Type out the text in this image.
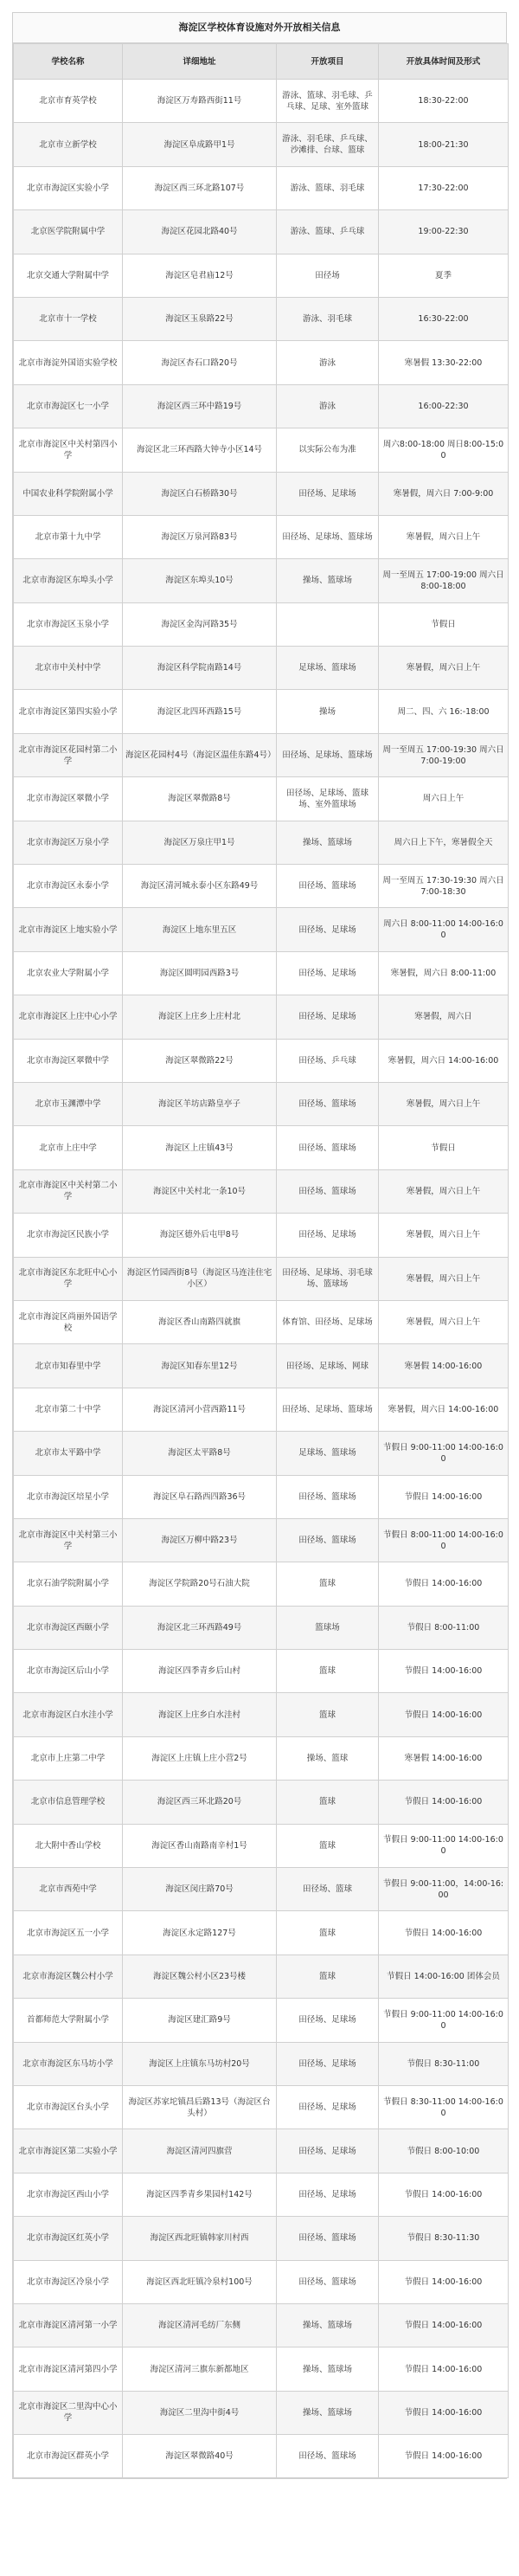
海淀区学校体育设施对外开放相关信息
学校名称	详细地址	开放项目	开放具体时间及形式
北京市育英学校	海淀区万寿路西街11号	游泳、篮球、羽毛球、乒乓球、足球、室外篮球	18:30-22:00
北京市立新学校	海淀区阜成路甲1号	游泳、羽毛球、乒乓球、沙滩排、台球、篮球	18:00-21:30
北京市海淀区实验小学	海淀区西三环北路107号	游泳、篮球、羽毛球	17:30-22:00
北京医学院附属中学	海淀区花园北路40号	游泳、篮球、乒乓球	19:00-22:30
北京交通大学附属中学	海淀区皂君庙12号	田径场	夏季
北京市十一学校	海淀区玉泉路22号	游泳、羽毛球	16:30-22:00
北京市海淀外国语实验学校	海淀区杏石口路20号	游泳	寒暑假 13:30-22:00
北京市海淀区七一小学	海淀区西三环中路19号	游泳	16:00-22:30
北京市海淀区中关村第四小学	海淀区北三环西路大钟寺小区14号	以实际公布为准	周六8:00-18:00 周日8:00-15:00
中国农业科学院附属小学	海淀区白石桥路30号	田径场、足球场	寒暑假，周六日 7:00-9:00
北京市第十九中学	海淀区万泉河路83号	田径场、足球场、篮球场	寒暑假，周六日上午
北京市海淀区东埠头小学	海淀区东埠头10号	操场、篮球场	周一至周五 17:00-19:00 周六日 8:00-18:00
北京市海淀区玉泉小学	海淀区金沟河路35号		节假日
北京市中关村中学	海淀区科学院南路14号	足球场、篮球场	寒暑假，周六日上午
北京市海淀区第四实验小学	海淀区北四环西路15号	操场	周二、四、六 16:-18:00
北京市海淀区花园村第二小学	海淀区花园村4号（海淀区温佳东路4号）	田径场、足球场、篮球场	周一至周五 17:00-19:30 周六日 7:00-19:00
北京市海淀区翠微小学	海淀区翠微路8号	田径场、足球场、篮球场、室外篮球场	周六日上午
北京市海淀区万泉小学	海淀区万泉庄甲1号	操场、篮球场	周六日上下午，寒暑假全天
北京市海淀区永泰小学	海淀区清河城永泰小区东路49号	田径场、篮球场	周一至周五 17:30-19:30 周六日 7:00-18:30
北京市海淀区上地实验小学	海淀区上地东里五区	田径场、足球场	周六日 8:00-11:00 14:00-16:00
北京农业大学附属小学	海淀区圆明园西路3号	田径场、足球场	寒暑假，周六日 8:00-11:00
北京市海淀区上庄中心小学	海淀区上庄乡上庄村北	田径场、足球场	寒暑假，周六日
北京市海淀区翠微中学	海淀区翠微路22号	田径场、乒乓球	寒暑假，周六日 14:00-16:00
北京市玉渊潭中学	海淀区羊坊店路皇亭子	田径场、篮球场	寒暑假，周六日上午
北京市上庄中学	海淀区上庄镇43号	田径场、篮球场	节假日
北京市海淀区中关村第二小学	海淀区中关村北一条10号	田径场、篮球场	寒暑假，周六日上午
北京市海淀区民族小学	海淀区德外后屯甲8号	田径场、足球场	寒暑假，周六日上午
北京市海淀区东北旺中心小学	海淀区竹园西街8号（海淀区马连洼住宅小区）	田径场、足球场、羽毛球场、篮球场	寒暑假，周六日上午
北京市海淀区尚丽外国语学校	海淀区香山南路四就旗	体育馆、田径场、足球场	寒暑假，周六日上午
北京市知春里中学	海淀区知春东里12号	田径场、足球场、网球	寒暑假 14:00-16:00
北京市第二十中学	海淀区清河小营西路11号	田径场、足球场、篮球场	寒暑假，周六日 14:00-16:00
北京市太平路中学	海淀区太平路8号	足球场、篮球场	节假日 9:00-11:00 14:00-16:00
北京市海淀区培星小学	海淀区阜石路西四路36号	田径场、篮球场	节假日 14:00-16:00
北京市海淀区中关村第三小学	海淀区万柳中路23号	田径场、篮球场	节假日 8:00-11:00 14:00-16:00
北京石油学院附属小学	海淀区学院路20号石油大院	篮球	节假日 14:00-16:00
北京市海淀区西颐小学	海淀区北三环西路49号	篮球场	节假日 8:00-11:00
北京市海淀区后山小学	海淀区四季青乡后山村	篮球	节假日 14:00-16:00
北京市海淀区白水洼小学	海淀区上庄乡白水洼村	篮球	节假日 14:00-16:00
北京市上庄第二中学	海淀区上庄镇上庄小营2号	操场、篮球	寒暑假 14:00-16:00
北京市信息管理学校	海淀区西三环北路20号	篮球	节假日 14:00-16:00
北大附中香山学校	海淀区香山南路南辛村1号	篮球	节假日 9:00-11:00 14:00-16:00
北京市西苑中学	海淀区闵庄路70号	田径场、篮球	节假日 9:00-11:00，14:00-16:00
北京市海淀区五一小学	海淀区永定路127号	篮球	节假日 14:00-16:00
北京市海淀区魏公村小学	海淀区魏公村小区23号楼	篮球	节假日 14:00-16:00 团体会员
首都师范大学附属小学	海淀区建汇路9号	田径场、足球场	节假日 9:00-11:00 14:00-16:00
北京市海淀区东马坊小学	海淀区上庄镇东马坊村20号	田径场、足球场	节假日 8:30-11:00
北京市海淀区台头小学	海淀区苏家坨镇昌后路13号（海淀区台头村）	田径场、足球场	节假日 8:30-11:00 14:00-16:00
北京市海淀区第二实验小学	海淀区清河四旗营	田径场、足球场	节假日 8:00-10:00
北京市海淀区西山小学	海淀区四季青乡果园村142号	田径场、足球场	节假日 14:00-16:00
北京市海淀区红英小学	海淀区西北旺镇韩家川村西	田径场、篮球场	节假日 8:30-11:30
北京市海淀区冷泉小学	海淀区西北旺镇冷泉村100号	田径场、篮球场	节假日 14:00-16:00
北京市海淀区清河第一小学	海淀区清河毛纺厂东侧	操场、篮球场	节假日 14:00-16:00
北京市海淀区清河第四小学	海淀区清河三旗东新都地区	操场、篮球场	节假日 14:00-16:00
北京市海淀区二里沟中心小学	海淀区二里沟中街4号	操场、篮球场	节假日 14:00-16:00
北京市海淀区群英小学	海淀区翠微路40号	田径场、篮球场	节假日 14:00-16:00
